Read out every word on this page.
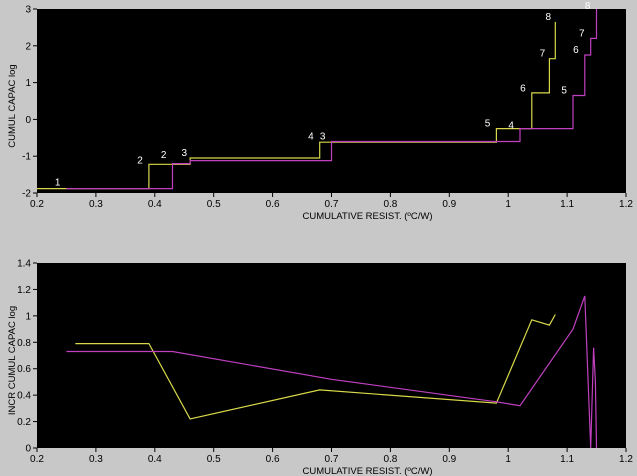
0.2	0.3	0.4	0.5	0.6	0.7	0.8	0.9	1	1.1	1.2
-2
-1
0
1
2
3
CUMULATIVE RESIST. (ºC/W)
CUMUL CAPAC log
1
2
3
4
5
6
7
8
2
3
4
5
6
7
8
0.2	0.3	0.4	0.5	0.6	0.7	0.8	0.9	1	1.1	1.2
0
0.2
0.4
0.6
0.8
1
1.2
1.4
CUMULATIVE RESIST. (ºC/W)
INCR CUMUL CAPAC log
